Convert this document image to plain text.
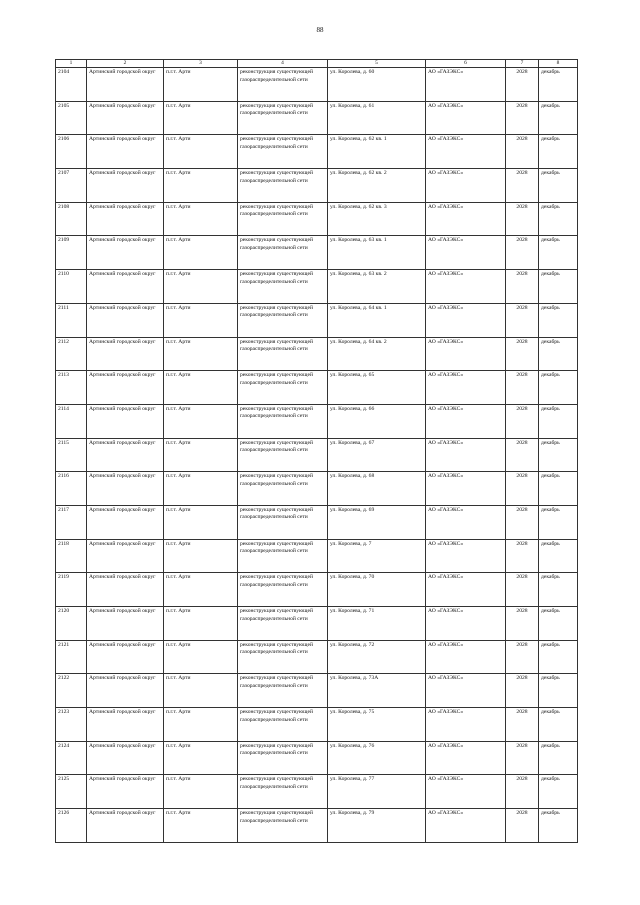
88
1	2	3	4	5	6	7	8
2104	Артинский городской округ	п.г.т. Арти	реконструкция существующей газораспределительной сети	ул. Королева, д. 60	АО «ГАЗЭКС»	2028	декабрь
2105	Артинский городской округ	п.г.т. Арти	реконструкция существующей газораспределительной сети	ул. Королева, д. 61	АО «ГАЗЭКС»	2028	декабрь
2106	Артинский городской округ	п.г.т. Арти	реконструкция существующей газораспределительной сети	ул. Королева, д. 62 кв. 1	АО «ГАЗЭКС»	2028	декабрь
2107	Артинский городской округ	п.г.т. Арти	реконструкция существующей газораспределительной сети	ул. Королева, д. 62 кв. 2	АО «ГАЗЭКС»	2028	декабрь
2108	Артинский городской округ	п.г.т. Арти	реконструкция существующей газораспределительной сети	ул. Королева, д. 62 кв. 3	АО «ГАЗЭКС»	2028	декабрь
2109	Артинский городской округ	п.г.т. Арти	реконструкция существующей газораспределительной сети	ул. Королева, д. 63 кв. 1	АО «ГАЗЭКС»	2028	декабрь
2110	Артинский городской округ	п.г.т. Арти	реконструкция существующей газораспределительной сети	ул. Королева, д. 63 кв. 2	АО «ГАЗЭКС»	2028	декабрь
2111	Артинский городской округ	п.г.т. Арти	реконструкция существующей газораспределительной сети	ул. Королева, д. 64 кв. 1	АО «ГАЗЭКС»	2028	декабрь
2112	Артинский городской округ	п.г.т. Арти	реконструкция существующей газораспределительной сети	ул. Королева, д. 64 кв. 2	АО «ГАЗЭКС»	2028	декабрь
2113	Артинский городской округ	п.г.т. Арти	реконструкция существующей газораспределительной сети	ул. Королева, д. 65	АО «ГАЗЭКС»	2028	декабрь
2114	Артинский городской округ	п.г.т. Арти	реконструкция существующей газораспределительной сети	ул. Королева, д. 66	АО «ГАЗЭКС»	2028	декабрь
2115	Артинский городской округ	п.г.т. Арти	реконструкция существующей газораспределительной сети	ул. Королева, д. 67	АО «ГАЗЭКС»	2028	декабрь
2116	Артинский городской округ	п.г.т. Арти	реконструкция существующей газораспределительной сети	ул. Королева, д. 68	АО «ГАЗЭКС»	2028	декабрь
2117	Артинский городской округ	п.г.т. Арти	реконструкция существующей газораспределительной сети	ул. Королева, д. 69	АО «ГАЗЭКС»	2028	декабрь
2118	Артинский городской округ	п.г.т. Арти	реконструкция существующей газораспределительной сети	ул. Королева, д. 7	АО «ГАЗЭКС»	2028	декабрь
2119	Артинский городской округ	п.г.т. Арти	реконструкция существующей газораспределительной сети	ул. Королева, д. 70	АО «ГАЗЭКС»	2028	декабрь
2120	Артинский городской округ	п.г.т. Арти	реконструкция существующей газораспределительной сети	ул. Королева, д. 71	АО «ГАЗЭКС»	2028	декабрь
2121	Артинский городской округ	п.г.т. Арти	реконструкция существующей газораспределительной сети	ул. Королева, д. 72	АО «ГАЗЭКС»	2028	декабрь
2122	Артинский городской округ	п.г.т. Арти	реконструкция существующей газораспределительной сети	ул. Королева, д. 73А	АО «ГАЗЭКС»	2028	декабрь
2123	Артинский городской округ	п.г.т. Арти	реконструкция существующей газораспределительной сети	ул. Королева, д. 75	АО «ГАЗЭКС»	2028	декабрь
2124	Артинский городской округ	п.г.т. Арти	реконструкция существующей газораспределительной сети	ул. Королева, д. 76	АО «ГАЗЭКС»	2028	декабрь
2125	Артинский городской округ	п.г.т. Арти	реконструкция существующей газораспределительной сети	ул. Королева, д. 77	АО «ГАЗЭКС»	2028	декабрь
2126	Артинский городской округ	п.г.т. Арти	реконструкция существующей газораспределительной сети	ул. Королева, д. 79	АО «ГАЗЭКС»	2028	декабрь
